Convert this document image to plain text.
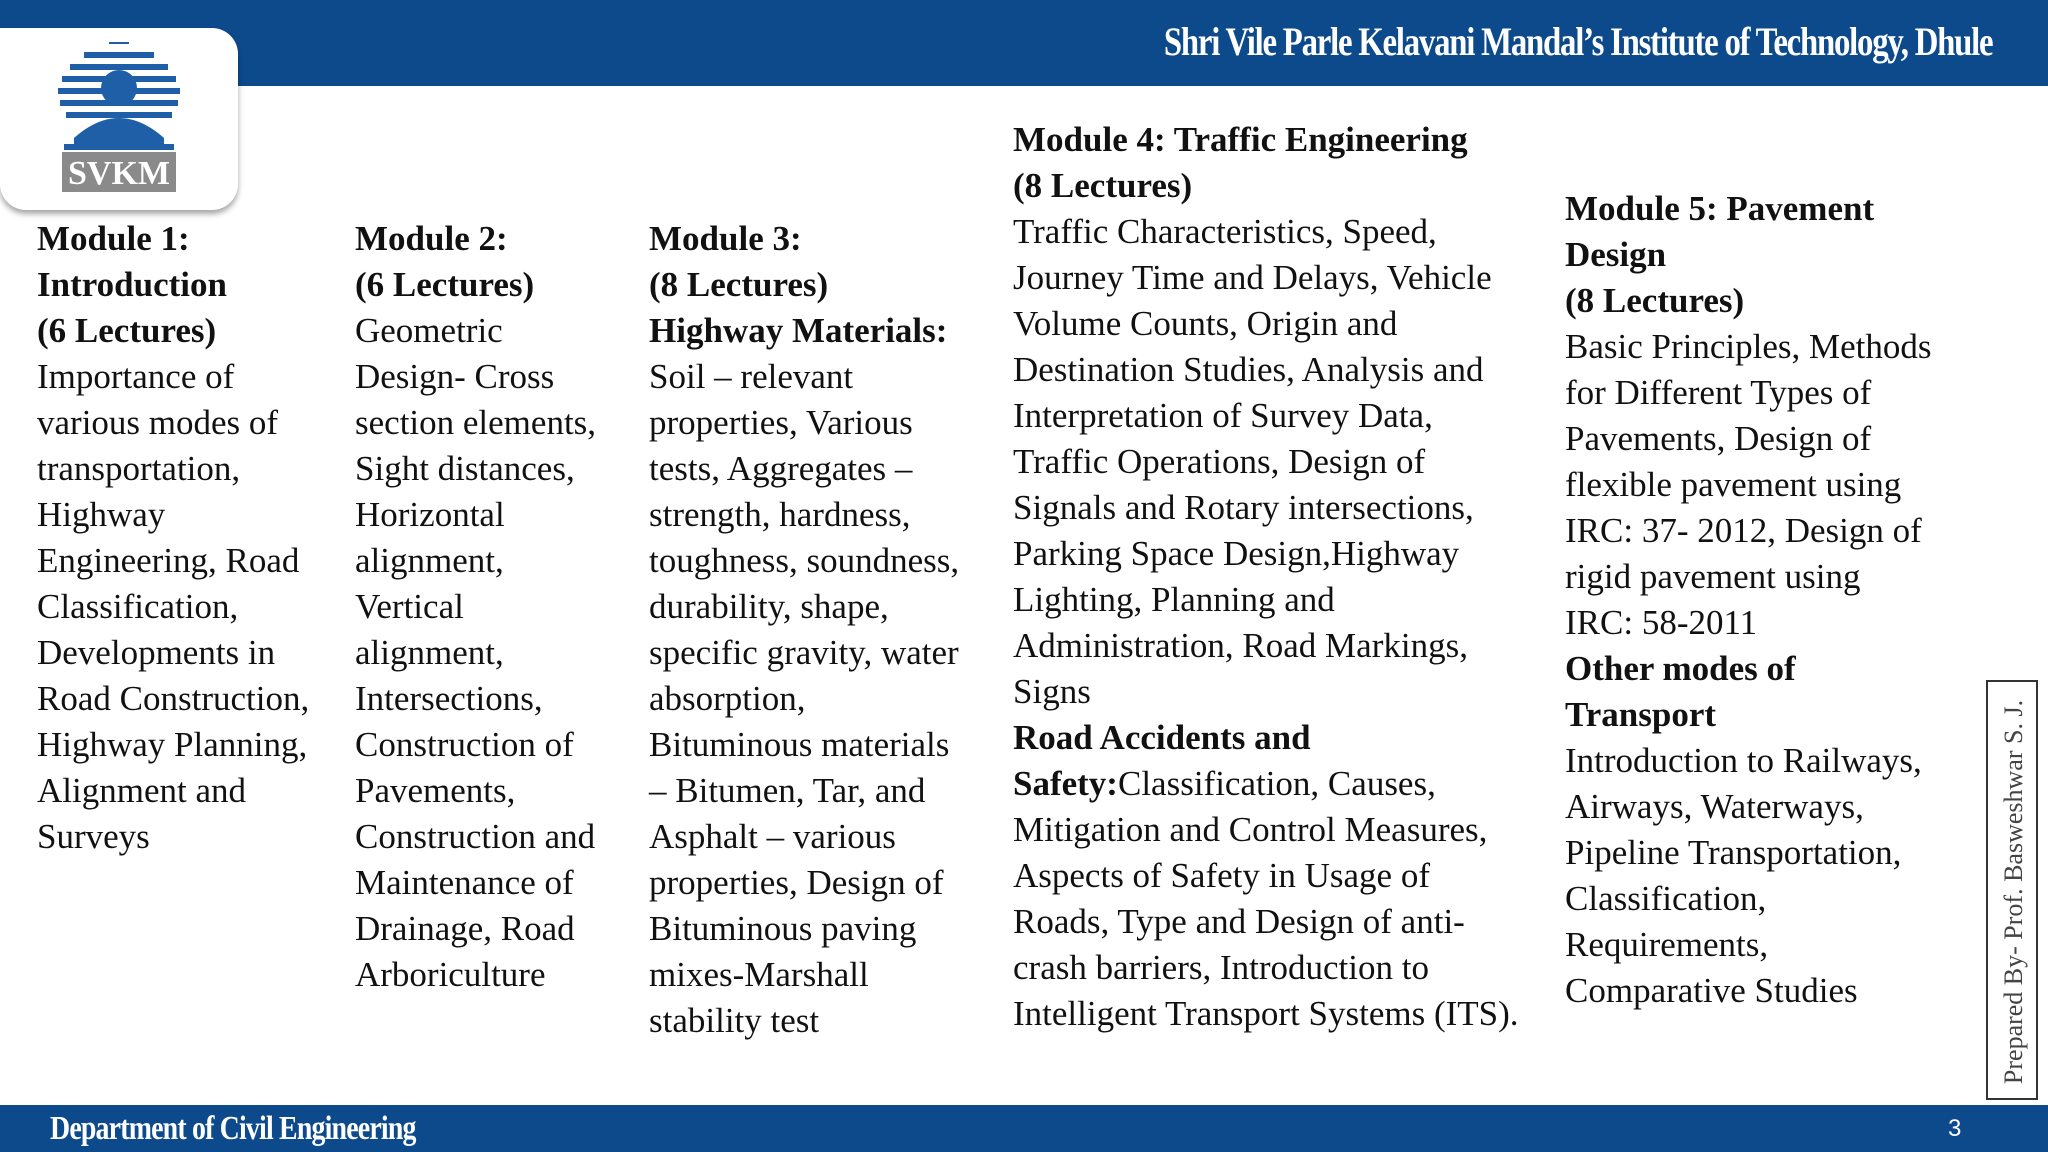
Shri Vile Parle Kelavani Mandal’s Institute of Technology, Dhule
SVKM
Module 1:
Introduction
(6 Lectures)
Importance of
various modes of
transportation,
Highway
Engineering, Road
Classification,
Developments in
Road Construction,
Highway Planning,
Alignment and
Surveys
Module 2:
(6 Lectures)
Geometric
Design- Cross
section elements,
Sight distances,
Horizontal
alignment,
Vertical
alignment,
Intersections,
Construction of
Pavements,
Construction and
Maintenance of
Drainage, Road
Arboriculture
Module 3:
(8 Lectures)
Highway Materials:
Soil – relevant
properties, Various
tests, Aggregates –
strength, hardness,
toughness, soundness,
durability, shape,
specific gravity, water
absorption,
Bituminous materials
– Bitumen, Tar, and
Asphalt – various
properties, Design of
Bituminous paving
mixes-Marshall
stability test
Module 4: Traffic Engineering
(8 Lectures)
Traffic Characteristics, Speed,
Journey Time and Delays, Vehicle
Volume Counts, Origin and
Destination Studies, Analysis and
Interpretation of Survey Data,
Traffic Operations, Design of
Signals and Rotary intersections,
Parking Space Design,Highway
Lighting, Planning and
Administration, Road Markings,
Signs
Road Accidents and
Safety:Classification, Causes,
Mitigation and Control Measures,
Aspects of Safety in Usage of
Roads, Type and Design of anti-
crash barriers, Introduction to
Intelligent Transport Systems (ITS).
Module 5: Pavement
Design
(8 Lectures)
Basic Principles, Methods
for Different Types of
Pavements, Design of
flexible pavement using
IRC: 37- 2012, Design of
rigid pavement using
IRC: 58-2011
Other modes of
Transport
Introduction to Railways,
Airways, Waterways,
Pipeline Transportation,
Classification,
Requirements,
Comparative Studies	Prepared By- Prof. Basweshwar S. J.
Department of Civil Engineering	3
